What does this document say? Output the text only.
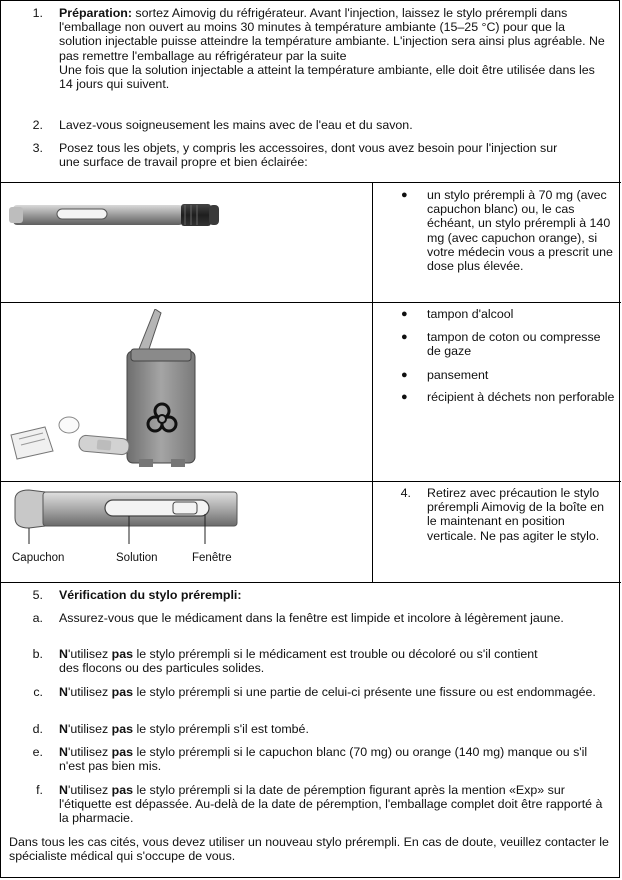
1. Préparation: sortez Aimovig du réfrigérateur. Avant l'injection, laissez le stylo prérempli dans l'emballage non ouvert au moins 30 minutes à température ambiante (15–25 °C) pour que la solution injectable puisse atteindre la température ambiante. L'injection sera ainsi plus agréable. Ne pas remettre l'emballage au réfrigérateur par la suite
Une fois que la solution injectable a atteint la température ambiante, elle doit être utilisée dans les 14 jours qui suivent.
2. Lavez-vous soigneusement les mains avec de l'eau et du savon.
3. Posez tous les objets, y compris les accessoires, dont vous avez besoin pour l'injection sur une surface de travail propre et bien éclairée:
● un stylo prérempli à 70 mg (avec capuchon blanc) ou, le cas échéant, un stylo prérempli à 140 mg (avec capuchon orange), si votre médecin vous a prescrit une dose plus élevée.
● tampon d'alcool
● tampon de coton ou compresse de gaze
● pansement
● récipient à déchets non perforable
Capuchon	Solution	Fenêtre
4. Retirez avec précaution le stylo prérempli Aimovig de la boîte en le maintenant en position verticale. Ne pas agiter le stylo.
5. Vérification du stylo prérempli:
a. Assurez-vous que le médicament dans la fenêtre est limpide et incolore à légèrement jaune.
b. N'utilisez pas le stylo prérempli si le médicament est trouble ou décoloré ou s'il contient des flocons ou des particules solides.
c. N'utilisez pas le stylo prérempli si une partie de celui-ci présente une fissure ou est endommagée.
d. N'utilisez pas le stylo prérempli s'il est tombé.
e. N'utilisez pas le stylo prérempli si le capuchon blanc (70 mg) ou orange (140 mg) manque ou s'il n'est pas bien mis.
f. N'utilisez pas le stylo prérempli si la date de péremption figurant après la mention «Exp» sur l'étiquette est dépassée. Au-delà de la date de péremption, l'emballage complet doit être rapporté à la pharmacie.
Dans tous les cas cités, vous devez utiliser un nouveau stylo prérempli. En cas de doute, veuillez contacter le spécialiste médical qui s'occupe de vous.
